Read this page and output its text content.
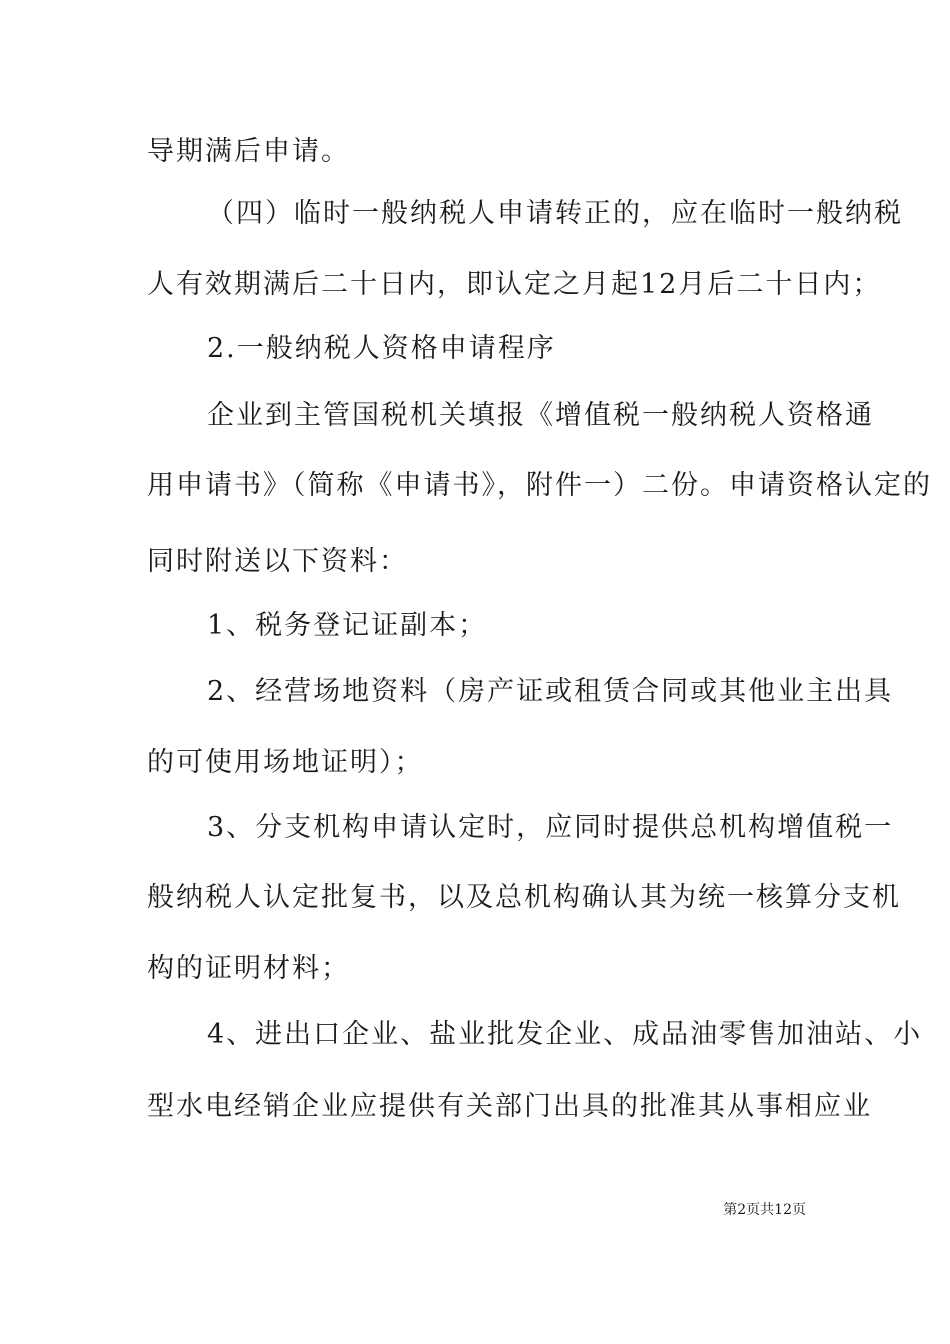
导期满后申请。
（四）临时一般纳税人申请转正的，应在临时一般纳税
人有效期满后二十日内，即认定之月起12月后二十日内；
2.一般纳税人资格申请程序
企业到主管国税机关填报《增值税一般纳税人资格通
用申请书》（简称《申请书》，附件一）二份。申请资格认定的
同时附送以下资料：
1、税务登记证副本；
2、经营场地资料（房产证或租赁合同或其他业主出具
的可使用场地证明）；
3、分支机构申请认定时，应同时提供总机构增值税一
般纳税人认定批复书，以及总机构确认其为统一核算分支机
构的证明材料；
4、进出口企业、盐业批发企业、成品油零售加油站、小
型水电经销企业应提供有关部门出具的批准其从事相应业
第2页共12页
